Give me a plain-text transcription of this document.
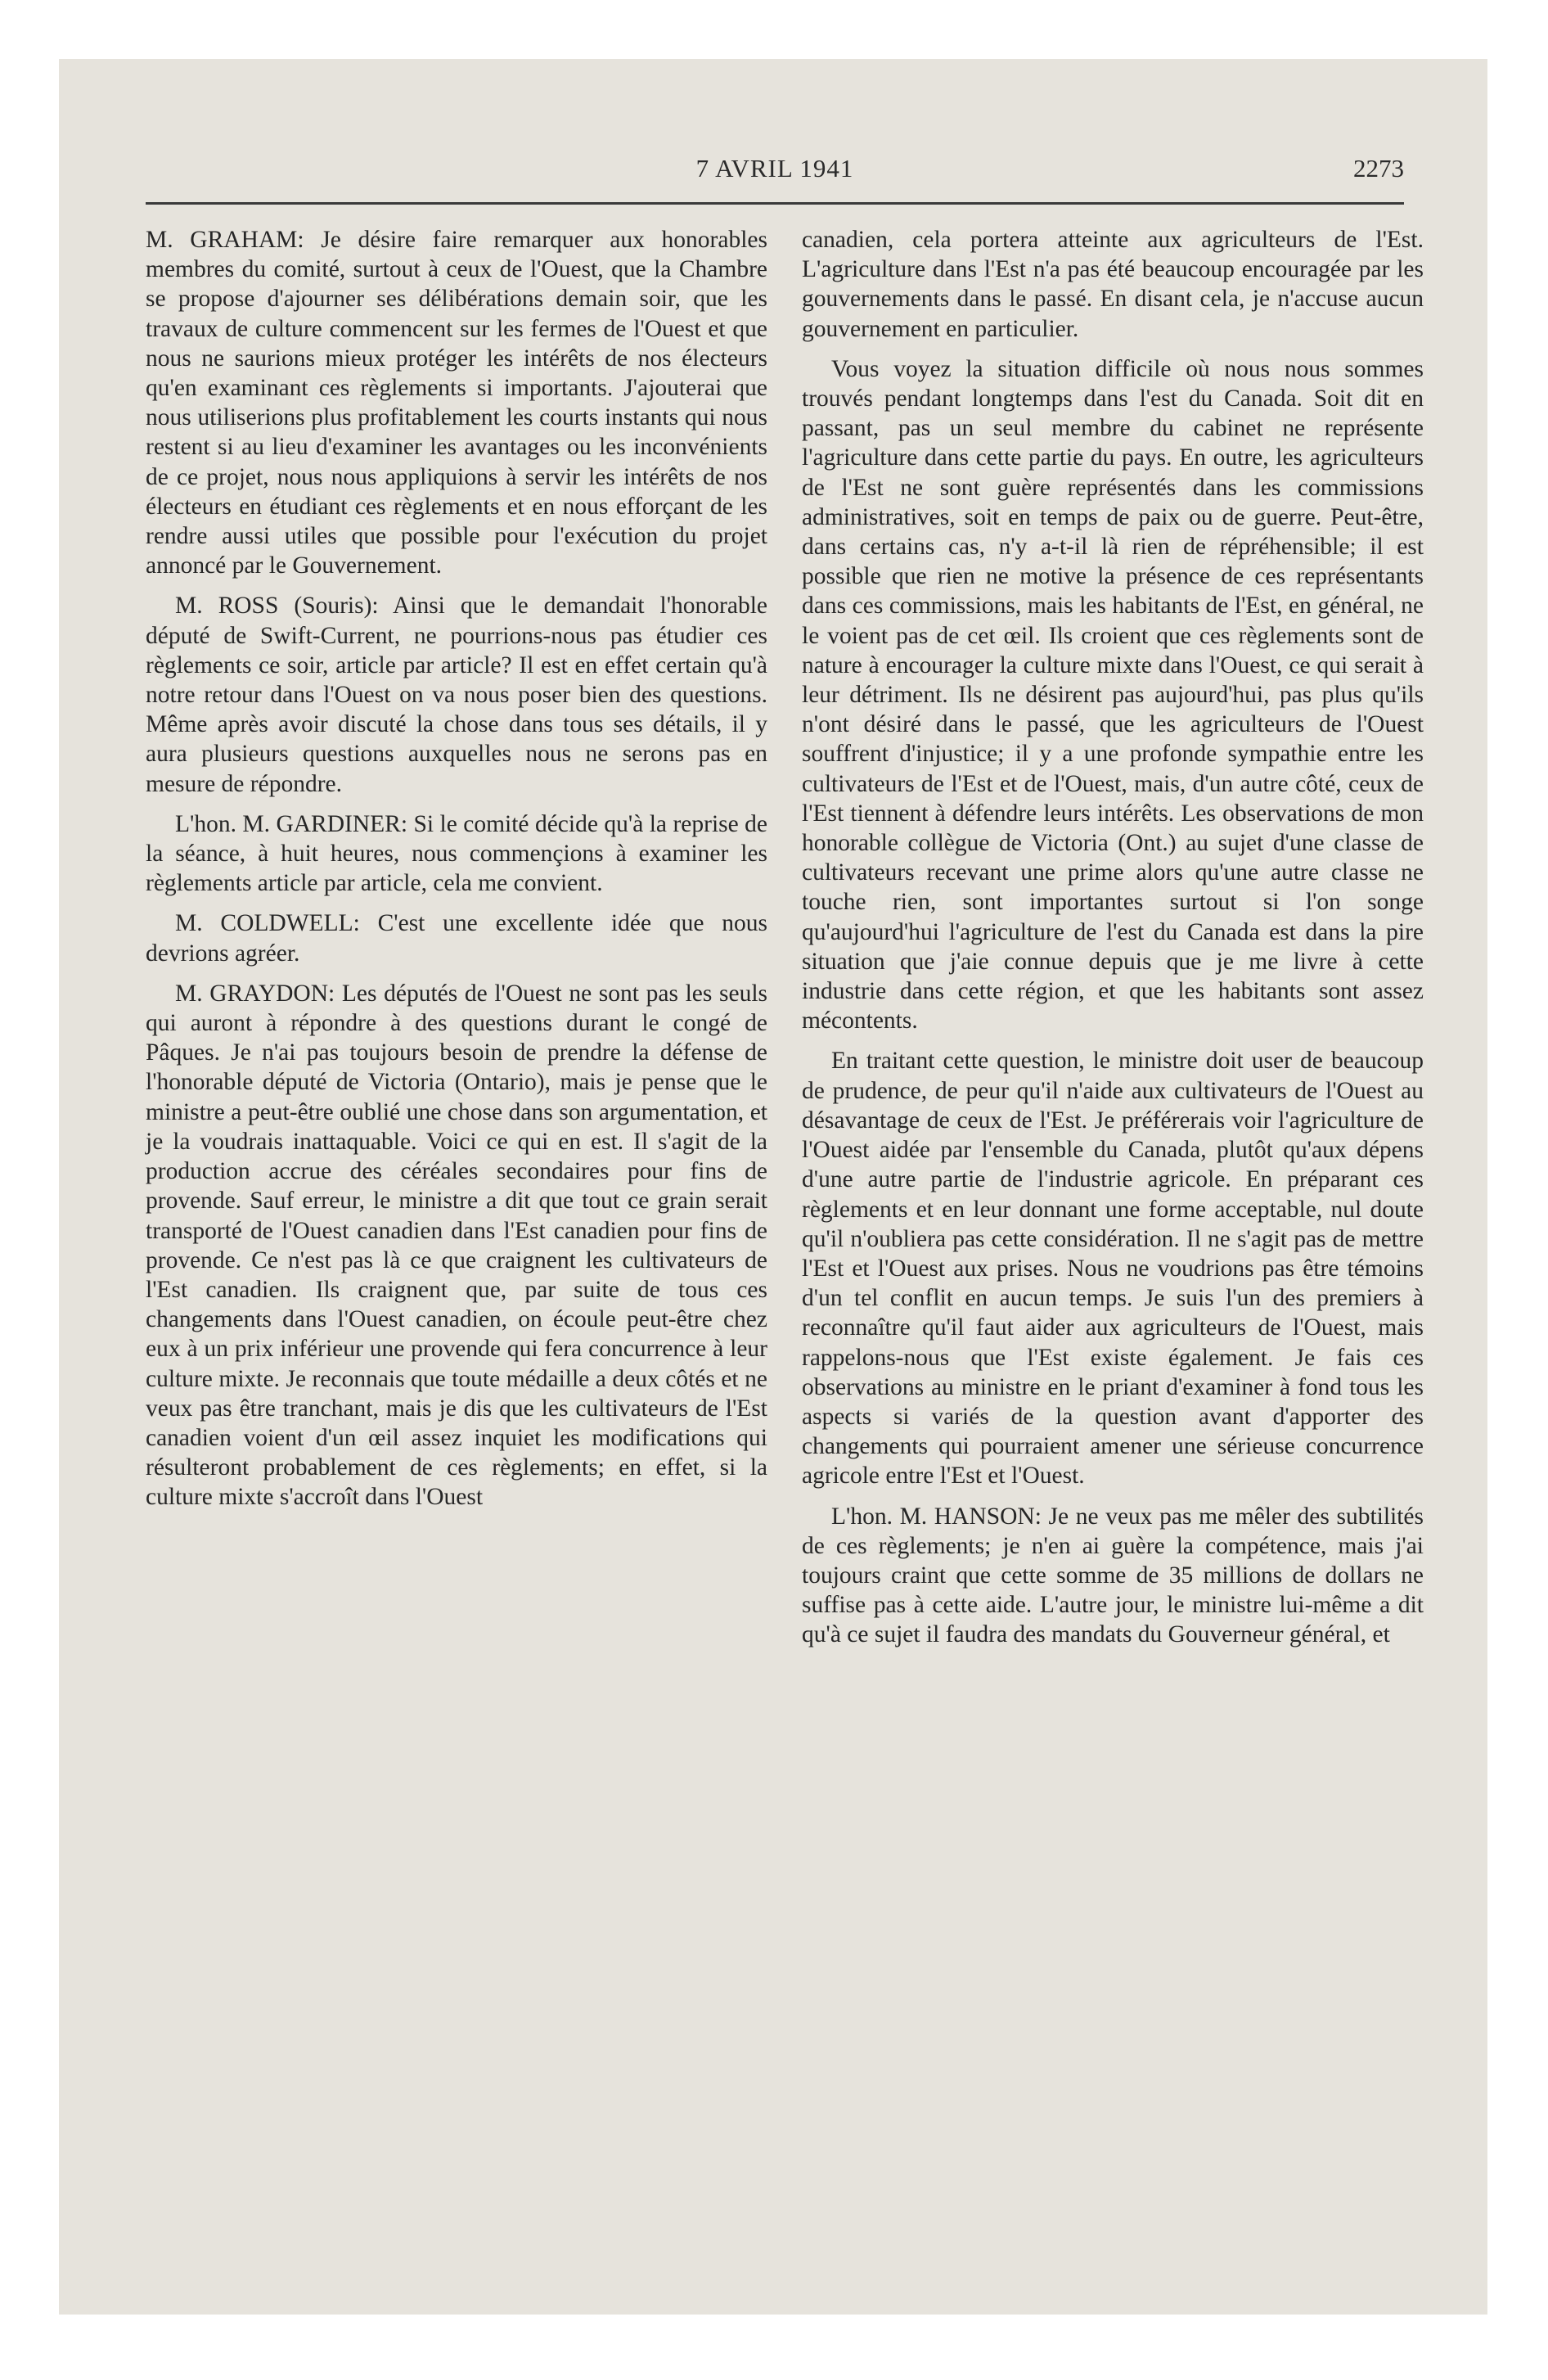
7 AVRIL 1941	2273

M. GRAHAM: Je désire faire remarquer aux honorables membres du comité, surtout à ceux de l'Ouest, que la Chambre se propose d'ajourner ses délibérations demain soir, que les travaux de culture commencent sur les fermes de l'Ouest et que nous ne saurions mieux protéger les intérêts de nos électeurs qu'en examinant ces règlements si importants. J'ajouterai que nous utiliserions plus profitablement les courts instants qui nous restent si au lieu d'examiner les avantages ou les inconvénients de ce projet, nous nous appliquions à servir les intérêts de nos électeurs en étudiant ces règlements et en nous efforçant de les rendre aussi utiles que possible pour l'exécution du projet annoncé par le Gouvernement.

M. ROSS (Souris): Ainsi que le demandait l'honorable député de Swift-Current, ne pourrions-nous pas étudier ces règlements ce soir, article par article? Il est en effet certain qu'à notre retour dans l'Ouest on va nous poser bien des questions. Même après avoir discuté la chose dans tous ses détails, il y aura plusieurs questions auxquelles nous ne serons pas en mesure de répondre.

L'hon. M. GARDINER: Si le comité décide qu'à la reprise de la séance, à huit heures, nous commençions à examiner les règlements article par article, cela me convient.

M. COLDWELL: C'est une excellente idée que nous devrions agréer.

M. GRAYDON: Les députés de l'Ouest ne sont pas les seuls qui auront à répondre à des questions durant le congé de Pâques. Je n'ai pas toujours besoin de prendre la défense de l'honorable député de Victoria (Ontario), mais je pense que le ministre a peut-être oublié une chose dans son argumentation, et je la voudrais inattaquable. Voici ce qui en est. Il s'agit de la production accrue des céréales secondaires pour fins de provende. Sauf erreur, le ministre a dit que tout ce grain serait transporté de l'Ouest canadien dans l'Est canadien pour fins de provende. Ce n'est pas là ce que craignent les cultivateurs de l'Est canadien. Ils craignent que, par suite de tous ces changements dans l'Ouest canadien, on écoule peut-être chez eux à un prix inférieur une provende qui fera concurrence à leur culture mixte. Je reconnais que toute médaille a deux côtés et ne veux pas être tranchant, mais je dis que les cultivateurs de l'Est canadien voient d'un œil assez inquiet les modifications qui résulteront probablement de ces règlements; en effet, si la culture mixte s'accroît dans l'Ouest

canadien, cela portera atteinte aux agriculteurs de l'Est. L'agriculture dans l'Est n'a pas été beaucoup encouragée par les gouvernements dans le passé. En disant cela, je n'accuse aucun gouvernement en particulier.

Vous voyez la situation difficile où nous nous sommes trouvés pendant longtemps dans l'est du Canada. Soit dit en passant, pas un seul membre du cabinet ne représente l'agriculture dans cette partie du pays. En outre, les agriculteurs de l'Est ne sont guère représentés dans les commissions administratives, soit en temps de paix ou de guerre. Peut-être, dans certains cas, n'y a-t-il là rien de répréhensible; il est possible que rien ne motive la présence de ces représentants dans ces commissions, mais les habitants de l'Est, en général, ne le voient pas de cet œil. Ils croient que ces règlements sont de nature à encourager la culture mixte dans l'Ouest, ce qui serait à leur détriment. Ils ne désirent pas aujourd'hui, pas plus qu'ils n'ont désiré dans le passé, que les agriculteurs de l'Ouest souffrent d'injustice; il y a une profonde sympathie entre les cultivateurs de l'Est et de l'Ouest, mais, d'un autre côté, ceux de l'Est tiennent à défendre leurs intérêts. Les observations de mon honorable collègue de Victoria (Ont.) au sujet d'une classe de cultivateurs recevant une prime alors qu'une autre classe ne touche rien, sont importantes surtout si l'on songe qu'aujourd'hui l'agriculture de l'est du Canada est dans la pire situation que j'aie connue depuis que je me livre à cette industrie dans cette région, et que les habitants sont assez mécontents.

En traitant cette question, le ministre doit user de beaucoup de prudence, de peur qu'il n'aide aux cultivateurs de l'Ouest au désavantage de ceux de l'Est. Je préférerais voir l'agriculture de l'Ouest aidée par l'ensemble du Canada, plutôt qu'aux dépens d'une autre partie de l'industrie agricole. En préparant ces règlements et en leur donnant une forme acceptable, nul doute qu'il n'oubliera pas cette considération. Il ne s'agit pas de mettre l'Est et l'Ouest aux prises. Nous ne voudrions pas être témoins d'un tel conflit en aucun temps. Je suis l'un des premiers à reconnaître qu'il faut aider aux agriculteurs de l'Ouest, mais rappelons-nous que l'Est existe également. Je fais ces observations au ministre en le priant d'examiner à fond tous les aspects si variés de la question avant d'apporter des changements qui pourraient amener une sérieuse concurrence agricole entre l'Est et l'Ouest.

L'hon. M. HANSON: Je ne veux pas me mêler des subtilités de ces règlements; je n'en ai guère la compétence, mais j'ai toujours craint que cette somme de 35 millions de dollars ne suffise pas à cette aide. L'autre jour, le ministre lui-même a dit qu'à ce sujet il faudra des mandats du Gouverneur général, et
